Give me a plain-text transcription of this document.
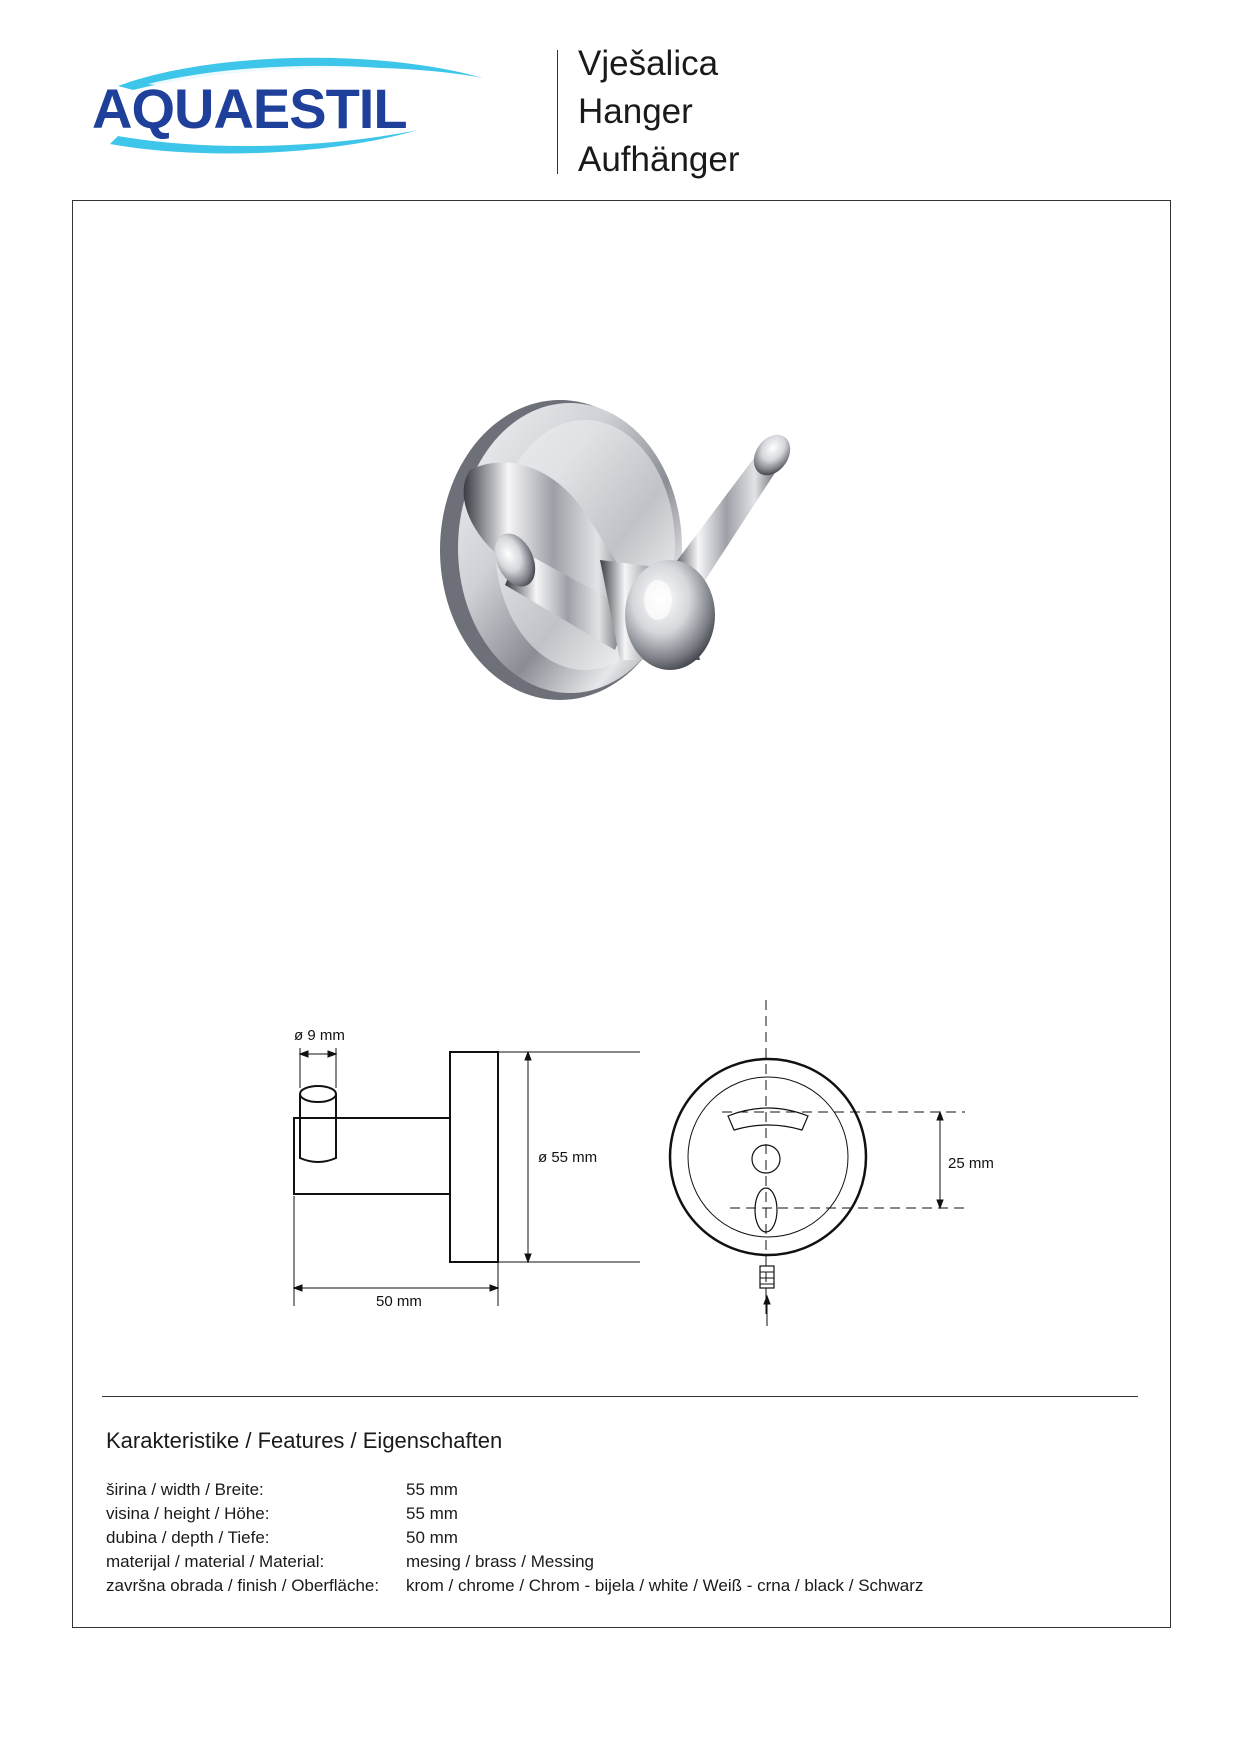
AQUAESTIL
Vješalica
Hanger
Aufhänger
ø 9 mm
ø 55 mm
50 mm
25 mm
Karakteristike / Features / Eigenschaften
širina / width / Breite:	55 mm
visina / height / Höhe:	55 mm
dubina / depth / Tiefe:	50 mm
materijal / material / Material:	mesing / brass / Messing
završna obrada / finish / Oberfläche:	krom / chrome / Chrom - bijela / white / Weiß - crna / black / Schwarz
